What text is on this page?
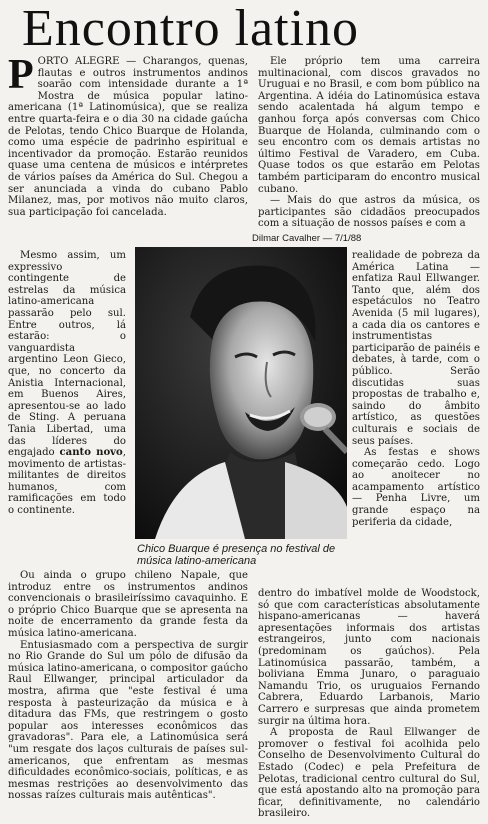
Encontro latino
P ORTO ALEGRE — Charangos, quenas, flautas e outros instrumentos andinos soarão com intensidade durante a 1ª Mostra de música popular latino-americana (1ª Latinomúsica), que se realiza entre quarta-feira e o dia 30 na cidade gaúcha de Pelotas, tendo Chico Buarque de Holanda, como uma espécie de padrinho espiritual e incentivador da promoção. Estarão reunidos quase uma centena de músicos e intérpretes de vários países da América do Sul. Chegou a ser anunciada a vinda do cubano Pablo Milanez, mas, por motivos não muito claros, sua participação foi cancelada.

Mesmo assim, um expressivo contingente de estrelas da música latino-americana passarão pelo sul. Entre outros, lá estarão: o vanguardista argentino Leon Gieco, que, no concerto da Anistia Internacional, em Buenos Aires, apresentou-se ao lado de Sting. A peruana Tania Libertad, uma das líderes do engajado canto novo, movimento de artistas-militantes de direitos humanos, com ramificações em todo o continente.

Ou ainda o grupo chileno Napale, que introduz entre os instrumentos andinos convencionais o brasileiríssimo cavaquinho. E o próprio Chico Buarque que se apresenta na noite de encerramento da grande festa da música latino-americana.

Entusiasmado com a perspectiva de surgir no Rio Grande do Sul um pólo de difusão da música latino-americana, o compositor gaúcho Raul Ellwanger, principal articulador da mostra, afirma que "este festival é uma resposta à pasteurização da música e à ditadura das FMs, que restringem o gosto popular aos interesses econômicos das gravadoras". Para ele, a Latinomúsica será "um resgate dos laços culturais de países sul-americanos, que enfrentam as mesmas dificuldades econômico-sociais, políticas, e as mesmas restrições ao desenvolvimento das nossas raízes culturais mais autênticas".

Ele próprio tem uma carreira multinacional, com discos gravados no Uruguai e no Brasil, e com bom público na Argentina. A idéia do Latinomúsica estava sendo acalentada há algum tempo e ganhou força após conversas com Chico Buarque de Holanda, culminando com o seu encontro com os demais artistas no último Festival de Varadero, em Cuba. Quase todos os que estarão em Pelotas também participaram do encontro musical cubano.

— Mais do que astros da música, os participantes são cidadãos preocupados com a situação de nossos países e com a

realidade de pobreza da América Latina — enfatiza Raul Ellwanger. Tanto que, além dos espetáculos no Teatro Avenida (5 mil lugares), a cada dia os cantores e instrumentistas participarão de painéis e debates, à tarde, com o público. Serão discutidas suas propostas de trabalho e, saindo do âmbito artístico, as questões culturais e sociais de seus países.

As festas e shows começarão cedo. Logo ao anoitecer no acampamento artístico — Penha Livre, um grande espaço na periferia da cidade,

dentro do imbatível molde de Woodstock, só que com características absolutamente hispano-americanas — haverá apresentações informais dos artistas estrangeiros, junto com nacionais (predominam os gaúchos). Pela Latinomúsica passarão, também, a boliviana Emma Junaro, o paraguaio Namandu Trio, os uruguaios Fernando Cabrera, Eduardo Larbanois, Mario Carrero e surpresas que ainda prometem surgir na última hora.

A proposta de Raul Ellwanger de promover o festival foi acolhida pelo Conselho de Desenvolvimento Cultural do Estado (Codec) e pela Prefeitura de Pelotas, tradicional centro cultural do Sul, que está apostando alto na promoção para ficar, definitivamente, no calendário brasileiro.

Dilmar Cavalher — 7/1/88
Chico Buarque é presença no festival de música latino-americana
